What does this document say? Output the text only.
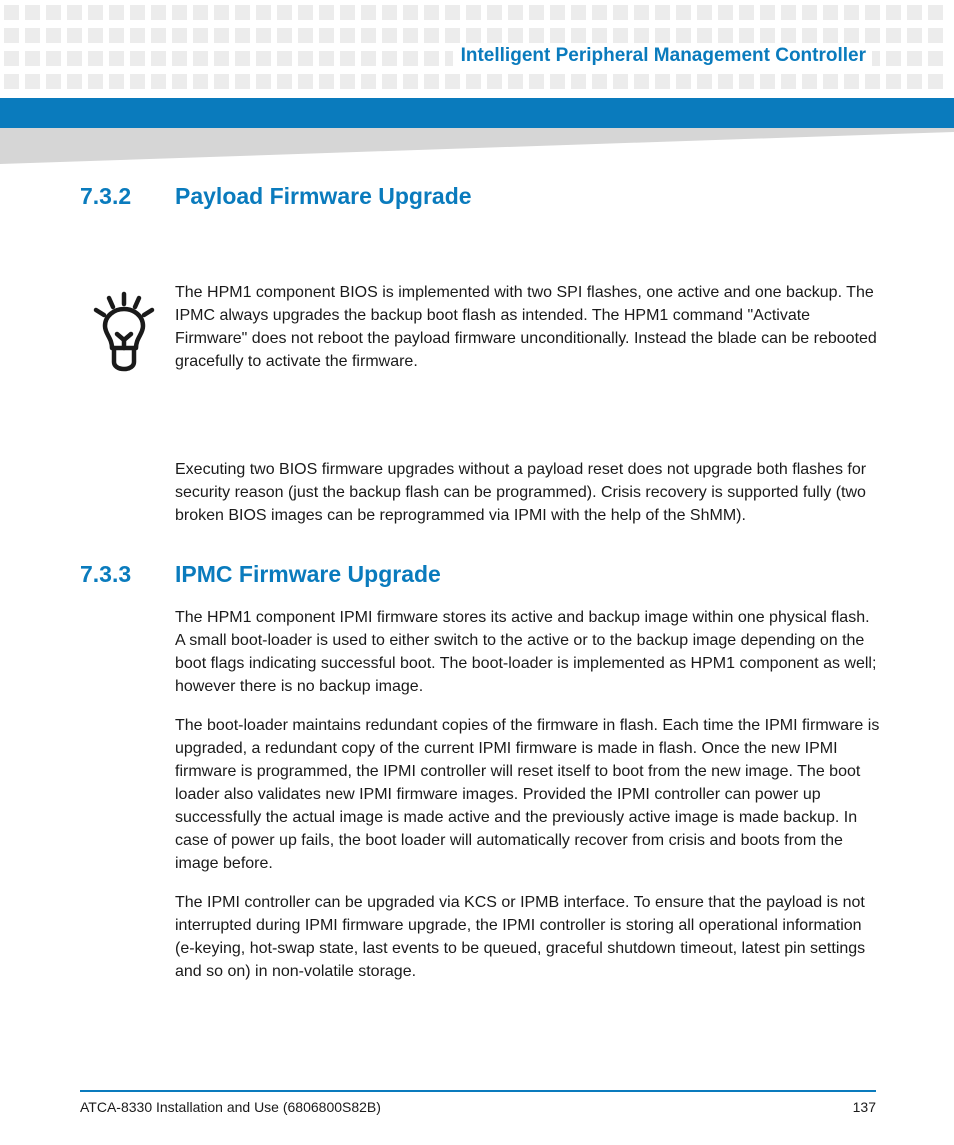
Intelligent Peripheral Management Controller
7.3.2 Payload Firmware Upgrade

The HPM1 component BIOS is implemented with two SPI flashes, one active and one backup. The IPMC always upgrades the backup boot flash as intended. The HPM1 command "Activate Firmware" does not reboot the payload firmware unconditionally. Instead the blade can be rebooted gracefully to activate the firmware.

Executing two BIOS firmware upgrades without a payload reset does not upgrade both flashes for security reason (just the backup flash can be programmed). Crisis recovery is supported fully (two broken BIOS images can be reprogrammed via IPMI with the help of the ShMM).

7.3.3 IPMC Firmware Upgrade

The HPM1 component IPMI firmware stores its active and backup image within one physical flash. A small boot-loader is used to either switch to the active or to the backup image depending on the boot flags indicating successful boot. The boot-loader is implemented as HPM1 component as well; however there is no backup image.

The boot-loader maintains redundant copies of the firmware in flash. Each time the IPMI firmware is upgraded, a redundant copy of the current IPMI firmware is made in flash. Once the new IPMI firmware is programmed, the IPMI controller will reset itself to boot from the new image. The boot loader also validates new IPMI firmware images. Provided the IPMI controller can power up successfully the actual image is made active and the previously active image is made backup. In case of power up fails, the boot loader will automatically recover from crisis and boots from the image before.

The IPMI controller can be upgraded via KCS or IPMB interface. To ensure that the payload is not interrupted during IPMI firmware upgrade, the IPMI controller is storing all operational information (e-keying, hot-swap state, last events to be queued, graceful shutdown timeout, latest pin settings and so on) in non-volatile storage.

ATCA-8330 Installation and Use (6806800S82B)	137
